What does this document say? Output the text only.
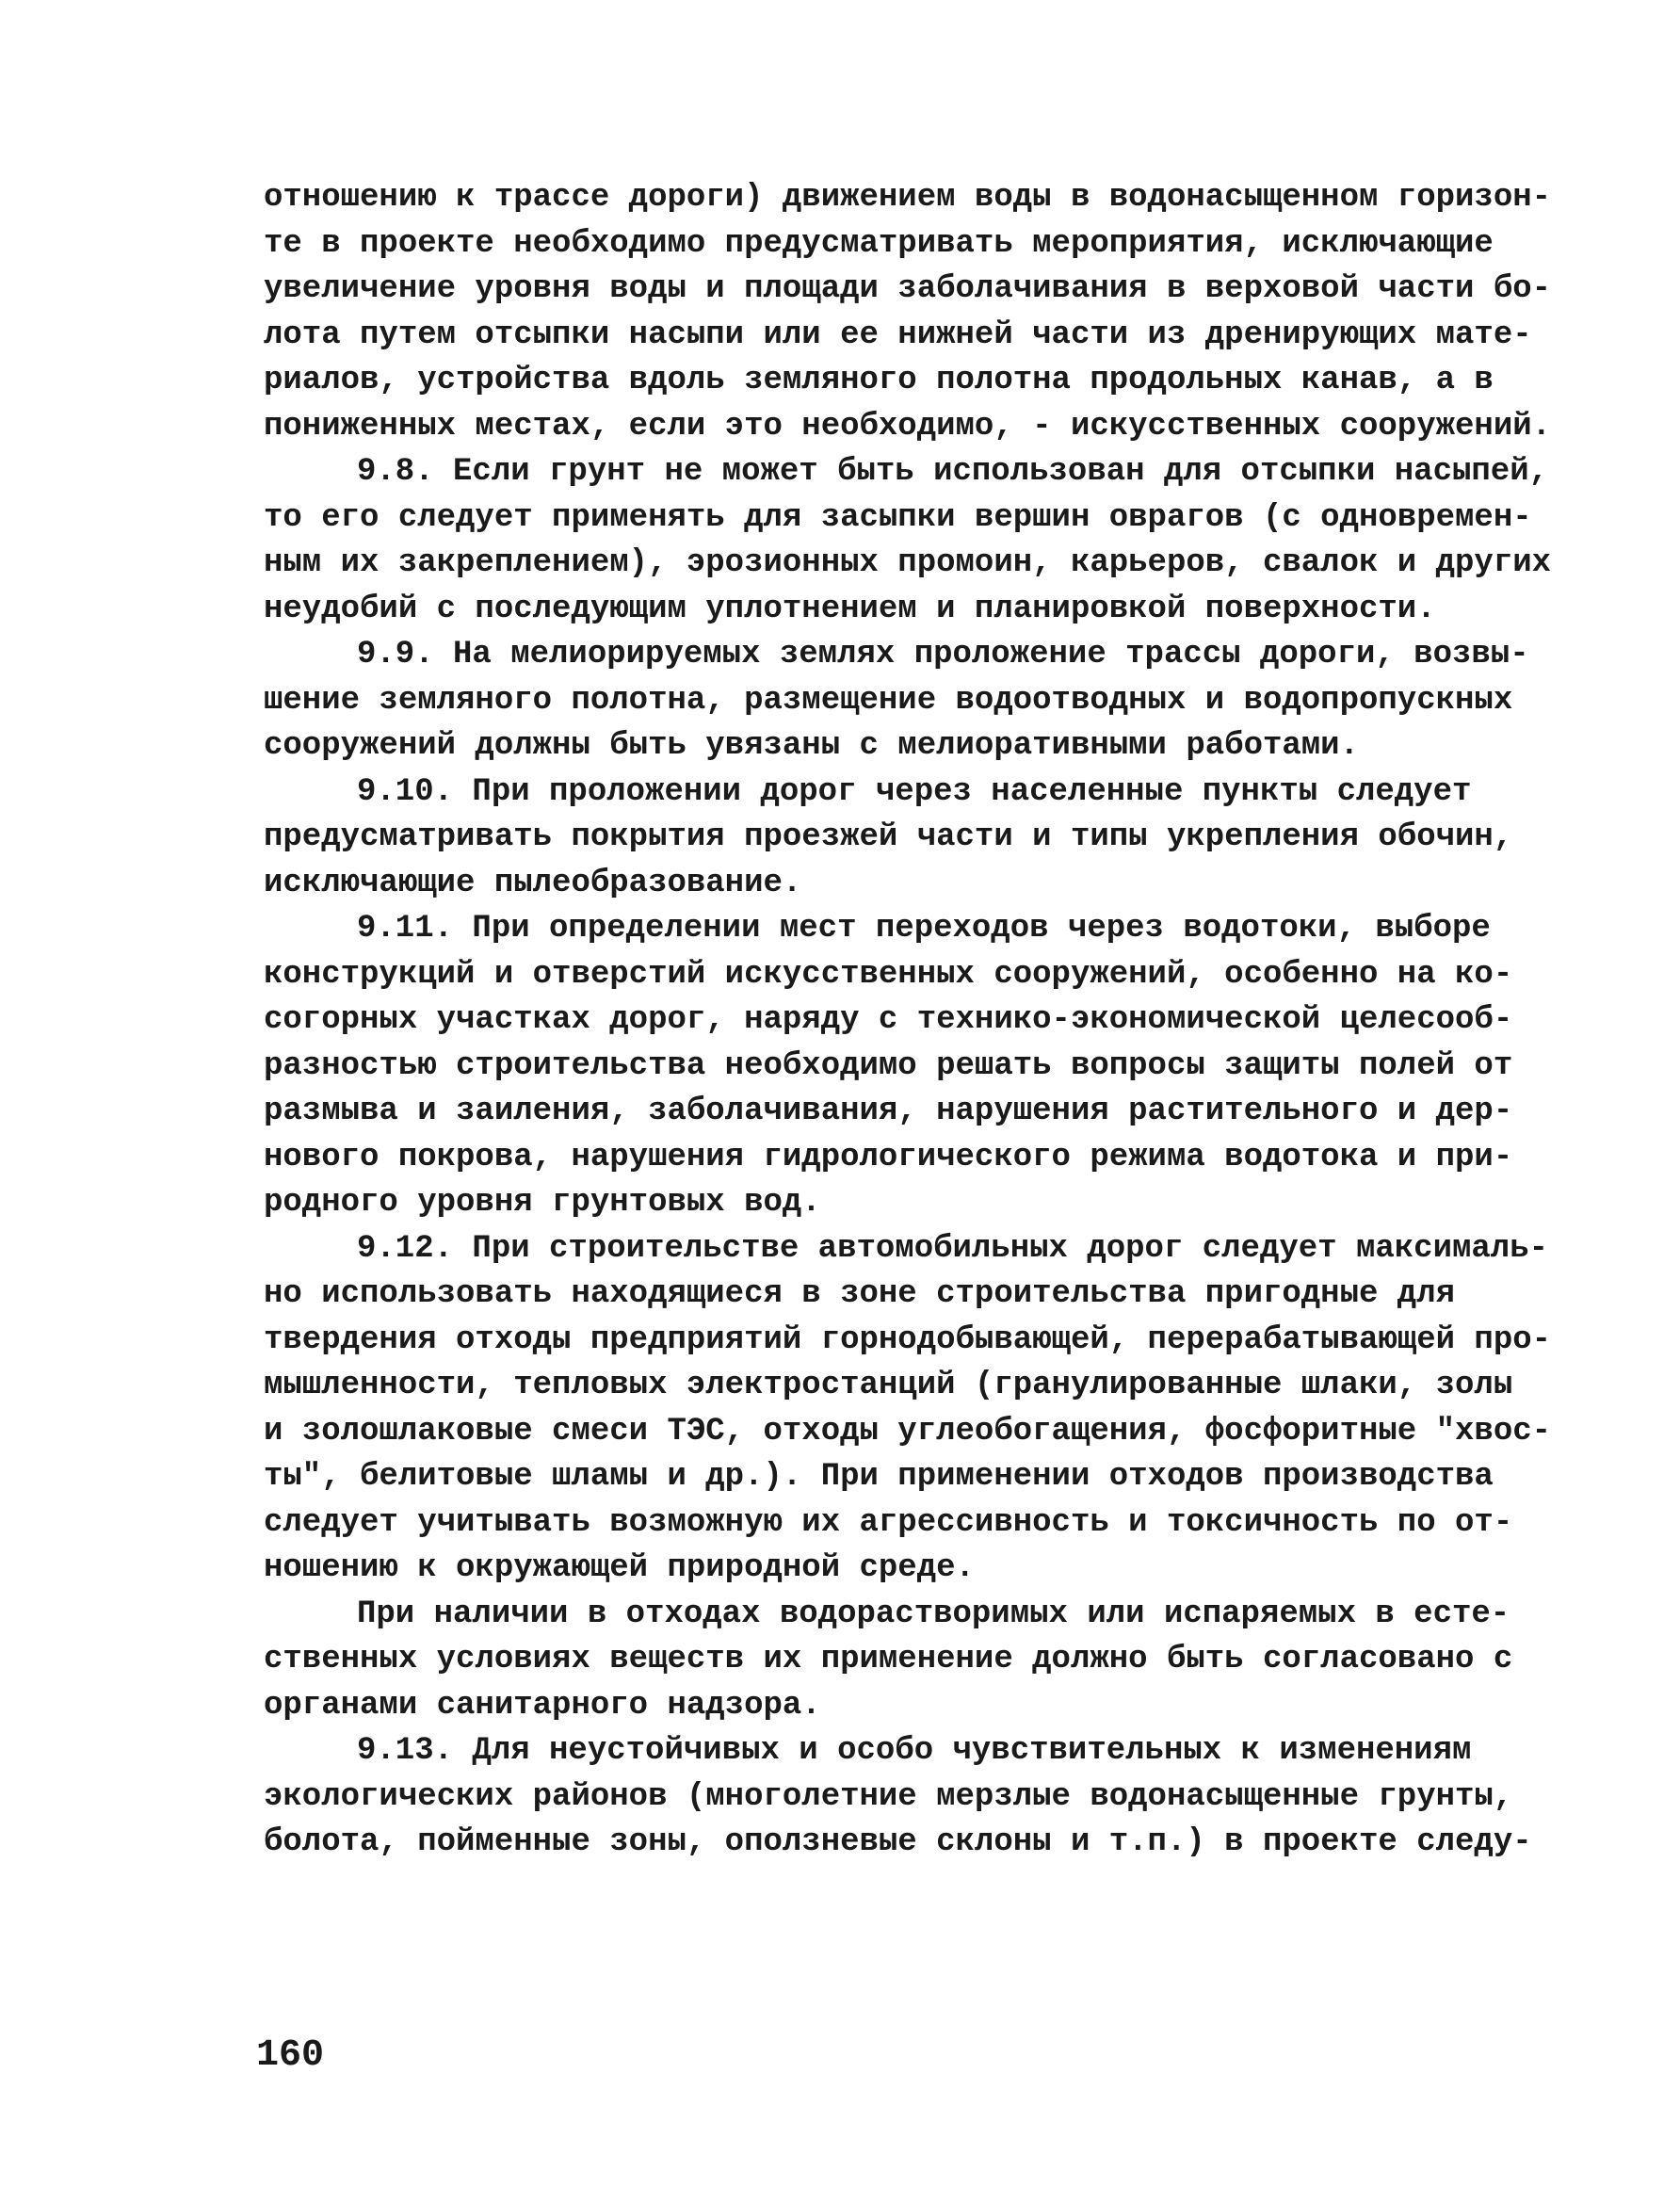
отношению к трассе дороги) движением воды в водонасыщенном горизон-
те в проекте необходимо предусматривать мероприятия, исключающие
увеличение уровня воды и площади заболачивания в верховой части бо-
лота путем отсыпки насыпи или ее нижней части из дренирующих мате-
риалов, устройства вдоль земляного полотна продольных канав, а в
пониженных местах, если это необходимо, - искусственных сооружений.
9.8. Если грунт не может быть использован для отсыпки насыпей,
то его следует применять для засыпки вершин оврагов (с одновремен-
ным их закреплением), эрозионных промоин, карьеров, свалок и других
неудобий с последующим уплотнением и планировкой поверхности.
9.9. На мелиорируемых землях проложение трассы дороги, возвы-
шение земляного полотна, размещение водоотводных и водопропускных
сооружений должны быть увязаны с мелиоративными работами.
9.10. При проложении дорог через населенные пункты следует
предусматривать покрытия проезжей части и типы укрепления обочин,
исключающие пылеобразование.
9.11. При определении мест переходов через водотоки, выборе
конструкций и отверстий искусственных сооружений, особенно на ко-
согорных участках дорог, наряду с технико-экономической целесооб-
разностью строительства необходимо решать вопросы защиты полей от
размыва и заиления, заболачивания, нарушения растительного и дер-
нового покрова, нарушения гидрологического режима водотока и при-
родного уровня грунтовых вод.
9.12. При строительстве автомобильных дорог следует максималь-
но использовать находящиеся в зоне строительства пригодные для
твердения отходы предприятий горнодобывающей, перерабатывающей про-
мышленности, тепловых электростанций (гранулированные шлаки, золы
и золошлаковые смеси ТЭС, отходы углеобогащения, фосфоритные "хвос-
ты", белитовые шламы и др.). При применении отходов производства
следует учитывать возможную их агрессивность и токсичность по от-
ношению к окружающей природной среде.
При наличии в отходах водорастворимых или испаряемых в есте-
ственных условиях веществ их применение должно быть согласовано с
органами санитарного надзора.
9.13. Для неустойчивых и особо чувствительных к изменениям
экологических районов (многолетние мерзлые водонасыщенные грунты,
болота, пойменные зоны, оползневые склоны и т.п.) в проекте следу-
160
